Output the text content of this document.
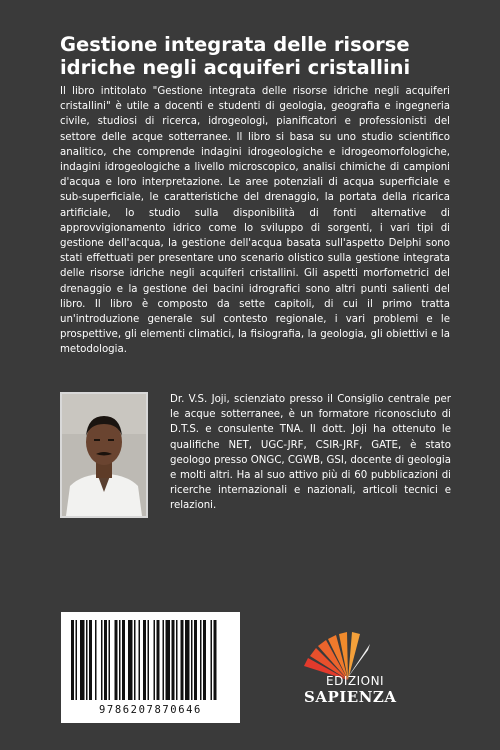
Gestione integrata delle risorse
idriche negli acquiferi cristallini

Il libro intitolato "Gestione integrata delle risorse idriche negli acquiferi cristallini" è utile a docenti e studenti di geologia, geografia e ingegneria civile, studiosi di ricerca, idrogeologi, pianificatori e professionisti del settore delle acque sotterranee. Il libro si basa su uno studio scientifico analitico, che comprende indagini idrogeologiche e idrogeomorfologiche, indagini idrogeologiche a livello microscopico, analisi chimiche di campioni d'acqua e loro interpretazione. Le aree potenziali di acqua superficiale e sub-superficiale, le caratteristiche del drenaggio, la portata della ricarica artificiale, lo studio sulla disponibilità di fonti alternative di approvvigionamento idrico come lo sviluppo di sorgenti, i vari tipi di gestione dell'acqua, la gestione dell'acqua basata sull'aspetto Delphi sono stati effettuati per presentare uno scenario olistico sulla gestione integrata delle risorse idriche negli acquiferi cristallini. Gli aspetti morfometrici del drenaggio e la gestione dei bacini idrografici sono altri punti salienti del libro. Il libro è composto da sette capitoli, di cui il primo tratta un'introduzione generale sul contesto regionale, i vari problemi e le prospettive, gli elementi climatici, la fisiografia, la geologia, gli obiettivi e la metodologia.

Dr. V.S. Joji, scienziato presso il Consiglio centrale per le acque sotterranee, è un formatore riconosciuto di D.T.S. e consulente TNA. Il dott. Joji ha ottenuto le qualifiche NET, UGC-JRF, CSIR-JRF, GATE, è stato geologo presso ONGC, CGWB, GSI, docente di geologia e molti altri. Ha al suo attivo più di 60 pubblicazioni di ricerche internazionali e nazionali, articoli tecnici e relazioni.

9786207870646
EDIZIONI
SAPIENZA
